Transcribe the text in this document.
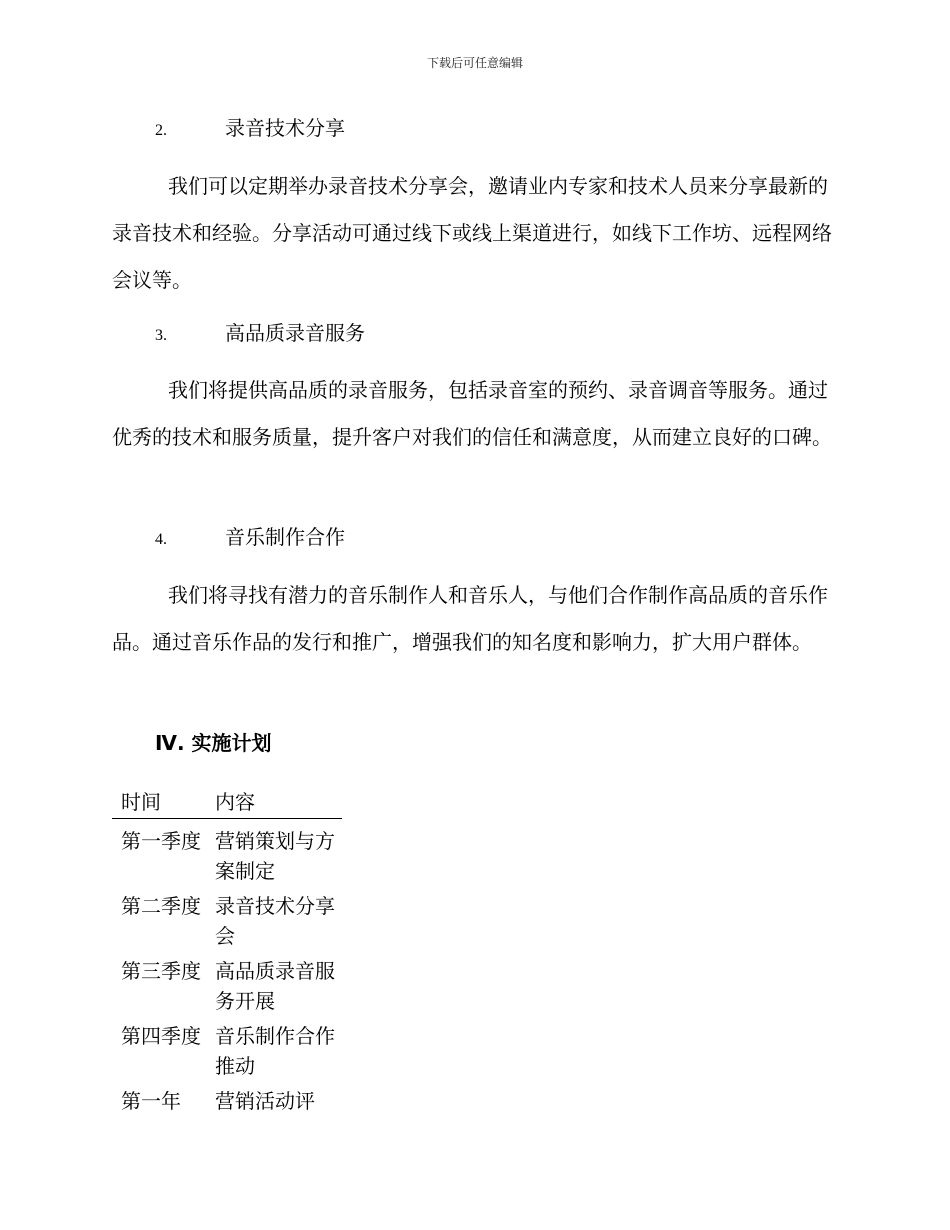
下载后可任意编辑
2.	录音技术分享

我们可以定期举办录音技术分享会，邀请业内专家和技术人员来分享最新的录音技术和经验。分享活动可通过线下或线上渠道进行，如线下工作坊、远程网络会议等。

3.	高品质录音服务

我们将提供高品质的录音服务，包括录音室的预约、录音调音等服务。通过优秀的技术和服务质量，提升客户对我们的信任和满意度，从而建立良好的口碑。

4.	音乐制作合作

我们将寻找有潜力的音乐制作人和音乐人，与他们合作制作高品质的音乐作品。通过音乐作品的发行和推广，增强我们的知名度和影响力，扩大用户群体。

Ⅳ. 实施计划
时间	内容
第一季度 营销策划与方案制定
第二季度 录音技术分享会
第三季度 高品质录音服务开展
第四季度 音乐制作合作推动
第一年	营销活动评
